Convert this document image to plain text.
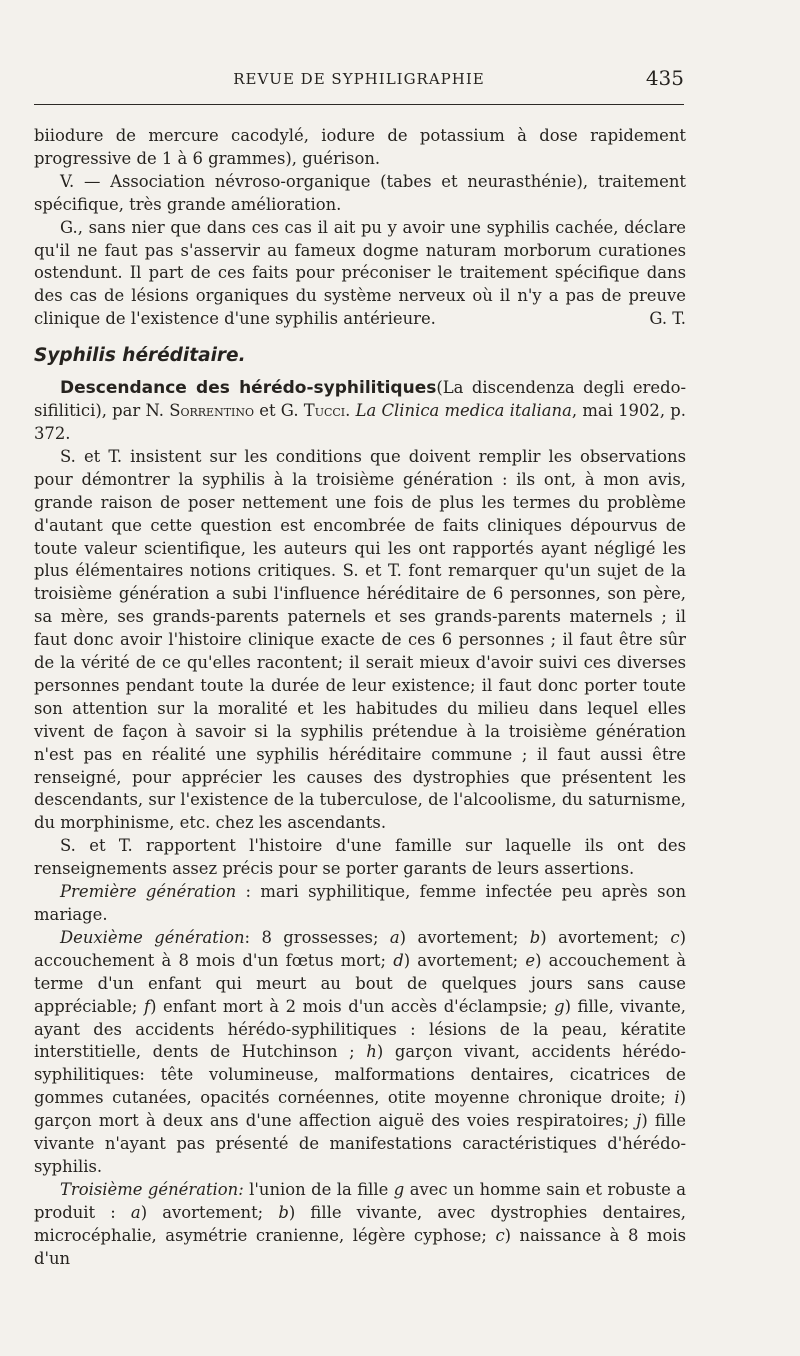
REVUE DE SYPHILIGRAPHIE	435

biiodure de mercure cacodylé, iodure de potassium à dose rapidement progressive de 1 à 6 grammes), guérison.

V. — Association névroso-organique (tabes et neurasthénie), traitement spécifique, très grande amélioration.

G., sans nier que dans ces cas il ait pu y avoir une syphilis cachée, déclare qu'il ne faut pas s'asservir au fameux dogme naturam morborum curationes ostendunt. Il part de ces faits pour préconiser le traitement spécifique dans des cas de lésions organiques du système nerveux où il n'y a pas de preuve clinique de l'existence d'une syphilis antérieure.	G. T.

Syphilis héréditaire.

Descendance des hérédo-syphilitiques(La discendenza degli eredo-sifilitici), par N. Sorrentino et G. Tucci. La Clinica medica italiana, mai 1902, p. 372.

S. et T. insistent sur les conditions que doivent remplir les observations pour démontrer la syphilis à la troisième génération : ils ont, à mon avis, grande raison de poser nettement une fois de plus les termes du problème d'autant que cette question est encombrée de faits cliniques dépourvus de toute valeur scientifique, les auteurs qui les ont rapportés ayant négligé les plus élémentaires notions critiques. S. et T. font remarquer qu'un sujet de la troisième génération a subi l'influence héréditaire de 6 personnes, son père, sa mère, ses grands-parents paternels et ses grands-parents maternels ; il faut donc avoir l'histoire clinique exacte de ces 6 personnes ; il faut être sûr de la vérité de ce qu'elles racontent; il serait mieux d'avoir suivi ces diverses personnes pendant toute la durée de leur existence; il faut donc porter toute son attention sur la moralité et les habitudes du milieu dans lequel elles vivent de façon à savoir si la syphilis prétendue à la troisième génération n'est pas en réalité une syphilis héréditaire commune ; il faut aussi être renseigné, pour apprécier les causes des dystrophies que présentent les descendants, sur l'existence de la tuberculose, de l'alcoolisme, du saturnisme, du morphinisme, etc. chez les ascendants.

S. et T. rapportent l'histoire d'une famille sur laquelle ils ont des renseignements assez précis pour se porter garants de leurs assertions.

Première génération : mari syphilitique, femme infectée peu après son mariage.

Deuxième génération: 8 grossesses; a) avortement; b) avortement; c) accouchement à 8 mois d'un fœtus mort; d) avortement; e) accouchement à terme d'un enfant qui meurt au bout de quelques jours sans cause appréciable; f) enfant mort à 2 mois d'un accès d'éclampsie; g) fille, vivante, ayant des accidents hérédo-syphilitiques : lésions de la peau, kératite interstitielle, dents de Hutchinson ; h) garçon vivant, accidents hérédo-syphilitiques: tête volumineuse, malformations dentaires, cicatrices de gommes cutanées, opacités cornéennes, otite moyenne chronique droite; i) garçon mort à deux ans d'une affection aiguë des voies respiratoires; j) fille vivante n'ayant pas présenté de manifestations caractéristiques d'hérédo-syphilis.

Troisième génération: l'union de la fille g avec un homme sain et robuste a produit : a) avortement; b) fille vivante, avec dystrophies dentaires, microcéphalie, asymétrie cranienne, légère cyphose; c) naissance à 8 mois d'un
